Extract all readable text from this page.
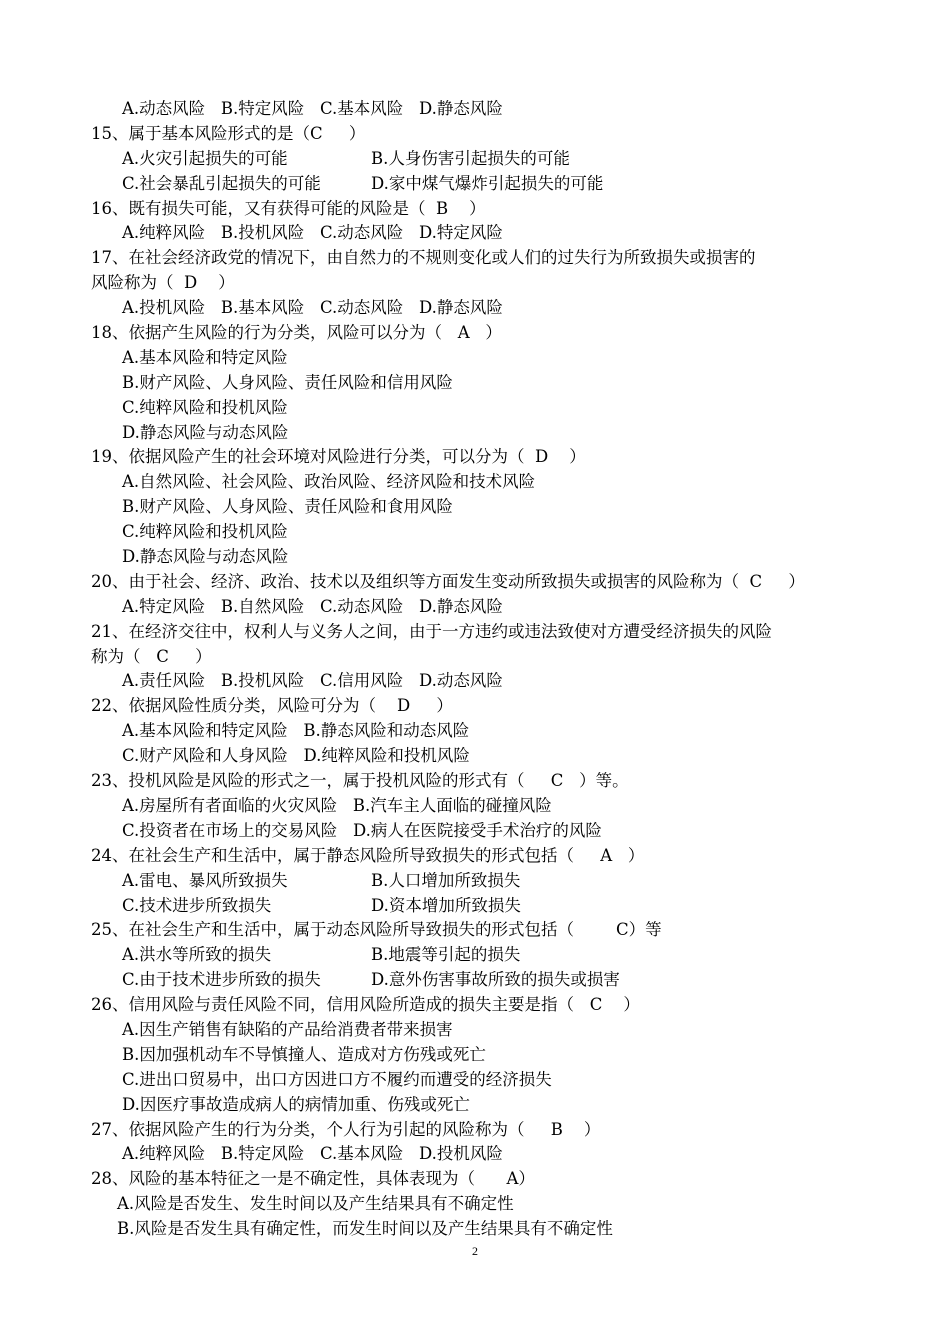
A.动态风险   B.特定风险   C.基本风险   D.静态风险
15、属于基本风险形式的是（C     ）
A.火灾引起损失的可能	B.人身伤害引起损失的可能
C.社会暴乱引起损失的可能	D.家中煤气爆炸引起损失的可能
16、既有损失可能，又有获得可能的风险是（  B    ）
A.纯粹风险   B.投机风险   C.动态风险   D.特定风险
17、在社会经济政党的情况下，由自然力的不规则变化或人们的过失行为所致损失或损害的
风险称为（  D    ）
A.投机风险   B.基本风险   C.动态风险   D.静态风险
18、依据产生风险的行为分类，风险可以分为（   A   ）
A.基本风险和特定风险
B.财产风险、人身风险、责任风险和信用风险
C.纯粹风险和投机风险
D.静态风险与动态风险
19、依据风险产生的社会环境对风险进行分类，可以分为（  D    ）
A.自然风险、社会风险、政治风险、经济风险和技术风险
B.财产风险、人身风险、责任风险和食用风险
C.纯粹风险和投机风险
D.静态风险与动态风险
20、由于社会、经济、政治、技术以及组织等方面发生变动所致损失或损害的风险称为（  C     ）
A.特定风险   B.自然风险   C.动态风险   D.静态风险
21、在经济交往中，权利人与义务人之间，由于一方违约或违法致使对方遭受经济损失的风险
称为（   C     ）
A.责任风险   B.投机风险   C.信用风险   D.动态风险
22、依据风险性质分类，风险可分为（    D     ）
A.基本风险和特定风险   B.静态风险和动态风险
C.财产风险和人身风险   D.纯粹风险和投机风险
23、投机风险是风险的形式之一，属于投机风险的形式有（     C   ）等。
A.房屋所有者面临的火灾风险   B.汽车主人面临的碰撞风险
C.投资者在市场上的交易风险   D.病人在医院接受手术治疗的风险
24、在社会生产和生活中，属于静态风险所导致损失的形式包括（     A   ）
A.雷电、暴风所致损失	B.人口增加所致损失
C.技术进步所致损失	D.资本增加所致损失
25、在社会生产和生活中，属于动态风险所导致损失的形式包括（        C）等
A.洪水等所致的损失	B.地震等引起的损失
C.由于技术进步所致的损失	D.意外伤害事故所致的损失或损害
26、信用风险与责任风险不同，信用风险所造成的损失主要是指（   C    ）
A.因生产销售有缺陷的产品给消费者带来损害
B.因加强机动车不导慎撞人、造成对方伤残或死亡
C.进出口贸易中，出口方因进口方不履约而遭受的经济损失
D.因医疗事故造成病人的病情加重、伤残或死亡
27、依据风险产生的行为分类，个人行为引起的风险称为（     B    ）
A.纯粹风险   B.特定风险   C.基本风险   D.投机风险
28、风险的基本特征之一是不确定性，具体表现为（      A）
A.风险是否发生、发生时间以及产生结果具有不确定性
B.风险是否发生具有确定性，而发生时间以及产生结果具有不确定性
2
